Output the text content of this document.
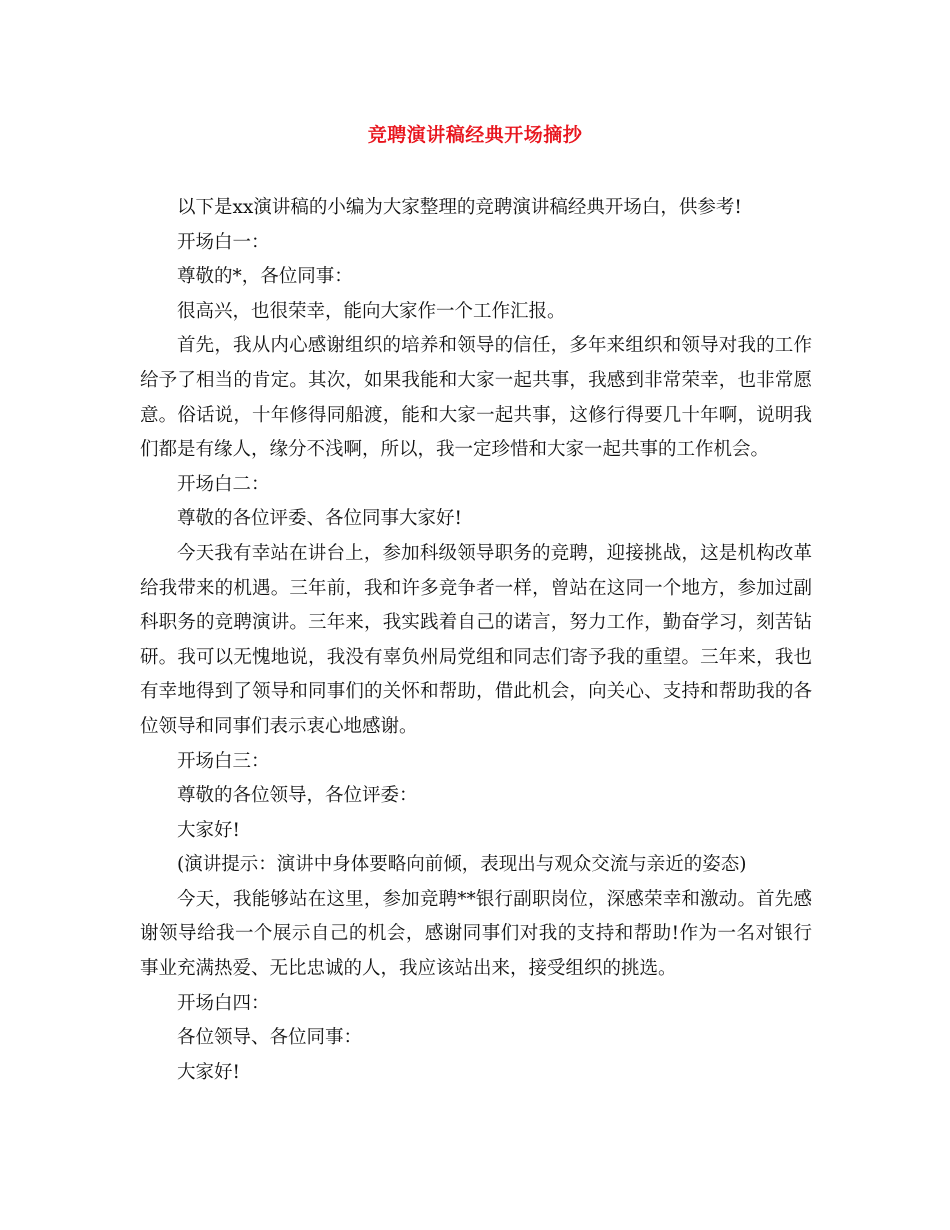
竞聘演讲稿经典开场摘抄

以下是xx演讲稿的小编为大家整理的竞聘演讲稿经典开场白，供参考!

开场白一：

尊敬的*，各位同事：

很高兴，也很荣幸，能向大家作一个工作汇报。

首先，我从内心感谢组织的培养和领导的信任，多年来组织和领导对我的工作给予了相当的肯定。其次，如果我能和大家一起共事，我感到非常荣幸，也非常愿意。俗话说，十年修得同船渡，能和大家一起共事，这修行得要几十年啊，说明我们都是有缘人，缘分不浅啊，所以，我一定珍惜和大家一起共事的工作机会。

开场白二：

尊敬的各位评委、各位同事大家好!

今天我有幸站在讲台上，参加科级领导职务的竞聘，迎接挑战，这是机构改革给我带来的机遇。三年前，我和许多竞争者一样，曾站在这同一个地方，参加过副科职务的竞聘演讲。三年来，我实践着自己的诺言，努力工作，勤奋学习，刻苦钻研。我可以无愧地说，我没有辜负州局党组和同志们寄予我的重望。三年来，我也有幸地得到了领导和同事们的关怀和帮助，借此机会，向关心、支持和帮助我的各位领导和同事们表示衷心地感谢。

开场白三：

尊敬的各位领导，各位评委：

大家好!

(演讲提示：演讲中身体要略向前倾，表现出与观众交流与亲近的姿态)

今天，我能够站在这里，参加竞聘**银行副职岗位，深感荣幸和激动。首先感谢领导给我一个展示自己的机会，感谢同事们对我的支持和帮助!作为一名对银行事业充满热爱、无比忠诚的人，我应该站出来，接受组织的挑选。

开场白四：

各位领导、各位同事：

大家好!
